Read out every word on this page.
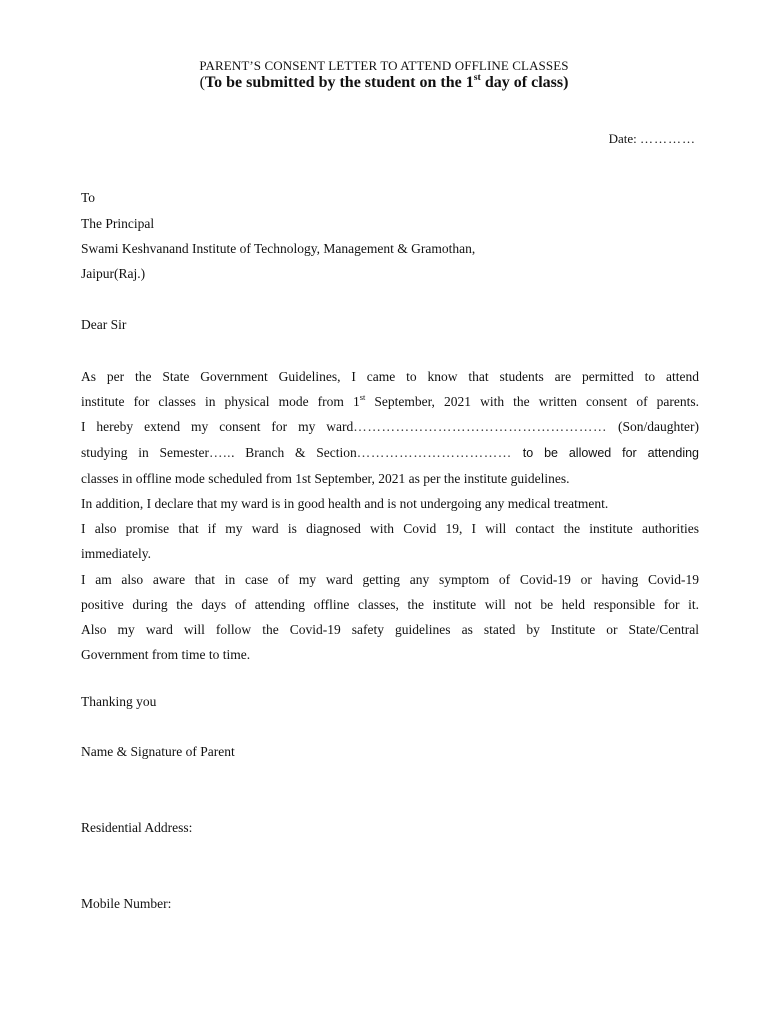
PARENT’S CONSENT LETTER TO ATTEND OFFLINE CLASSES
(To be submitted by the student on the 1st day of class)
Date: …………
To
The Principal
Swami Keshvanand Institute of Technology, Management & Gramothan,
Jaipur(Raj.)
Dear Sir
As per the State Government Guidelines, I came to know that students are permitted to attend
institute for classes in physical mode from 1st September, 2021 with the written consent of parents.
I hereby extend my consent for my ward……………………………………………… (Son/daughter)
studying in Semester…... Branch & Section…………………………… to be allowed for attending
classes in offline mode scheduled from 1st September, 2021 as per the institute guidelines.
In addition, I declare that my ward is in good health and is not undergoing any medical treatment.
I also promise that if my ward is diagnosed with Covid 19, I will contact the institute authorities
immediately.
I am also aware that in case of my ward getting any symptom of Covid-19 or having Covid-19
positive during the days of attending offline classes, the institute will not be held responsible for it.
Also my ward will follow the Covid-19 safety guidelines as stated by Institute or State/Central
Government from time to time.
Thanking you
Name & Signature of Parent
Residential Address:
Mobile Number:
